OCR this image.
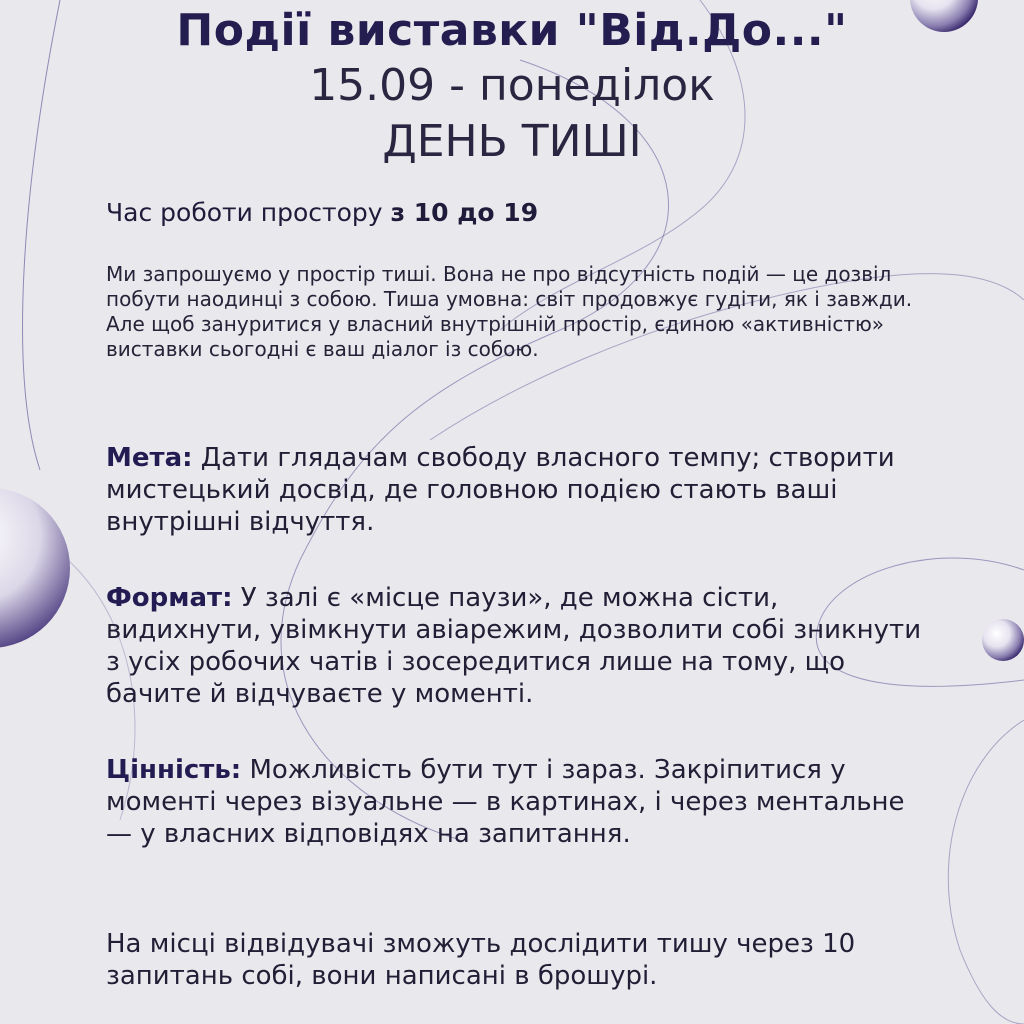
Події виставки "Від.До..."

15.09 - понеділок

ДЕНЬ ТИШІ

Час роботи простору з 10 до 19

Ми запрошуємо у простір тиші. Вона не про відсутність подій — це дозвіл побути наодинці з собою. Тиша умовна: світ продовжує гудіти, як і завжди. Але щоб зануритися у власний внутрішній простір, єдиною «активністю» виставки сьогодні є ваш діалог із собою.

Мета: Дати глядачам свободу власного темпу; створити мистецький досвід, де головною подією стають ваші внутрішні відчуття.

Формат: У залі є «місце паузи», де можна сісти, видихнути, увімкнути авіарежим, дозволити собі зникнути з усіх робочих чатів і зосередитися лише на тому, що бачите й відчуваєте у моменті.

Цінність: Можливість бути тут і зараз. Закріпитися у моменті через візуальне — в картинах, і через ментальне — у власних відповідях на запитання.

На місці відвідувачі зможуть дослідити тишу через 10 запитань собі, вони написані в брошурі.
